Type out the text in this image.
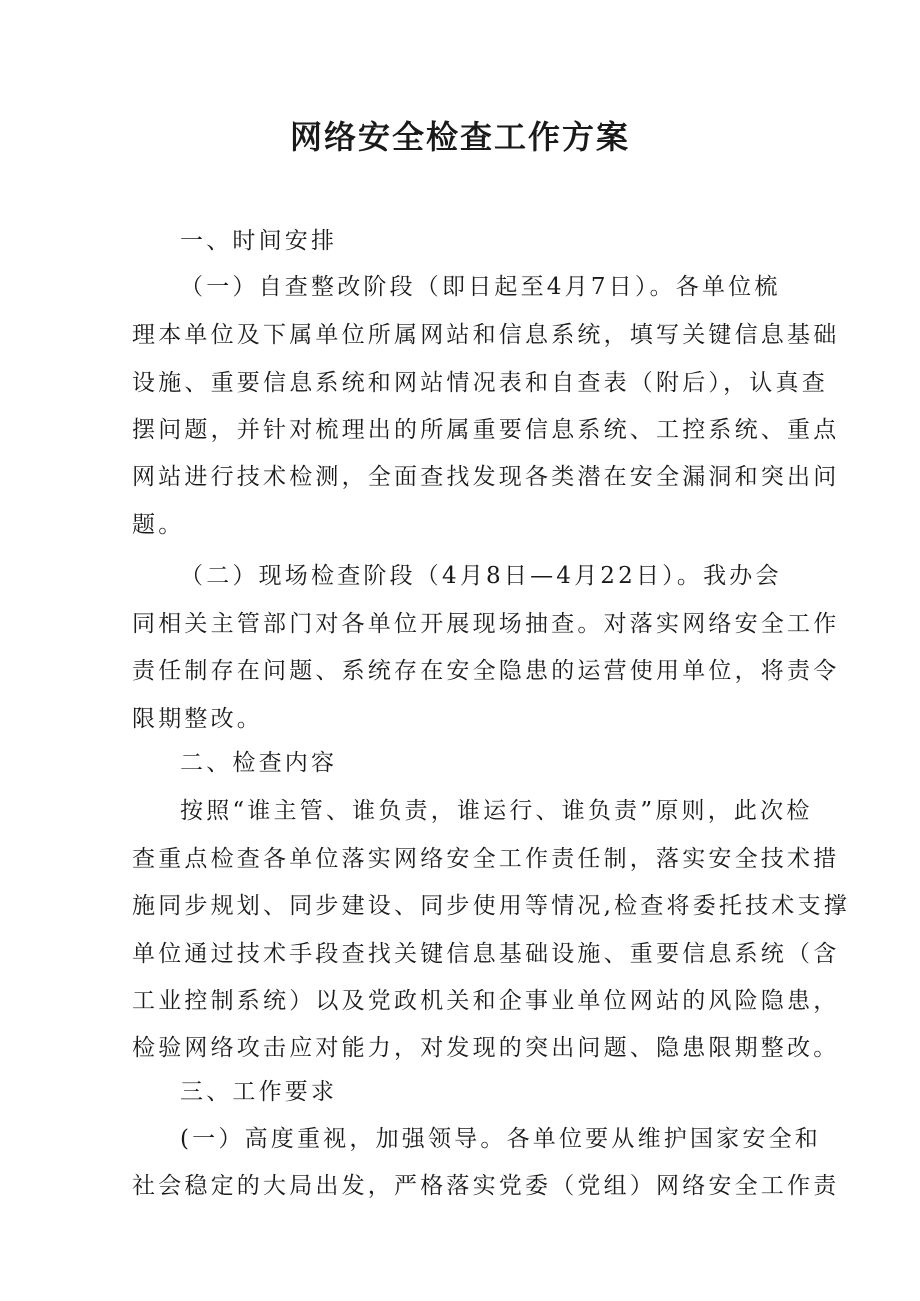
网络安全检查工作方案
一、时间安排
（一）自查整改阶段（即日起至4月7日）。各单位梳
理本单位及下属单位所属网站和信息系统，填写关键信息基础
设施、重要信息系统和网站情况表和自查表（附后），认真查
摆问题，并针对梳理出的所属重要信息系统、工控系统、重点
网站进行技术检测，全面查找发现各类潜在安全漏洞和突出问
题。
（二）现场检查阶段（4月8日—4月22日）。我办会
同相关主管部门对各单位开展现场抽查。对落实网络安全工作
责任制存在问题、系统存在安全隐患的运营使用单位，将责令
限期整改。
二、检查内容
按照“谁主管、谁负责，谁运行、谁负责”原则，此次检
查重点检查各单位落实网络安全工作责任制，落实安全技术措
施同步规划、同步建设、同步使用等情况,检查将委托技术支撑
单位通过技术手段查找关键信息基础设施、重要信息系统（含
工业控制系统）以及党政机关和企事业单位网站的风险隐患，
检验网络攻击应对能力，对发现的突出问题、隐患限期整改。
三、工作要求
(一）高度重视，加强领导。各单位要从维护国家安全和
社会稳定的大局出发，严格落实党委（党组）网络安全工作责
